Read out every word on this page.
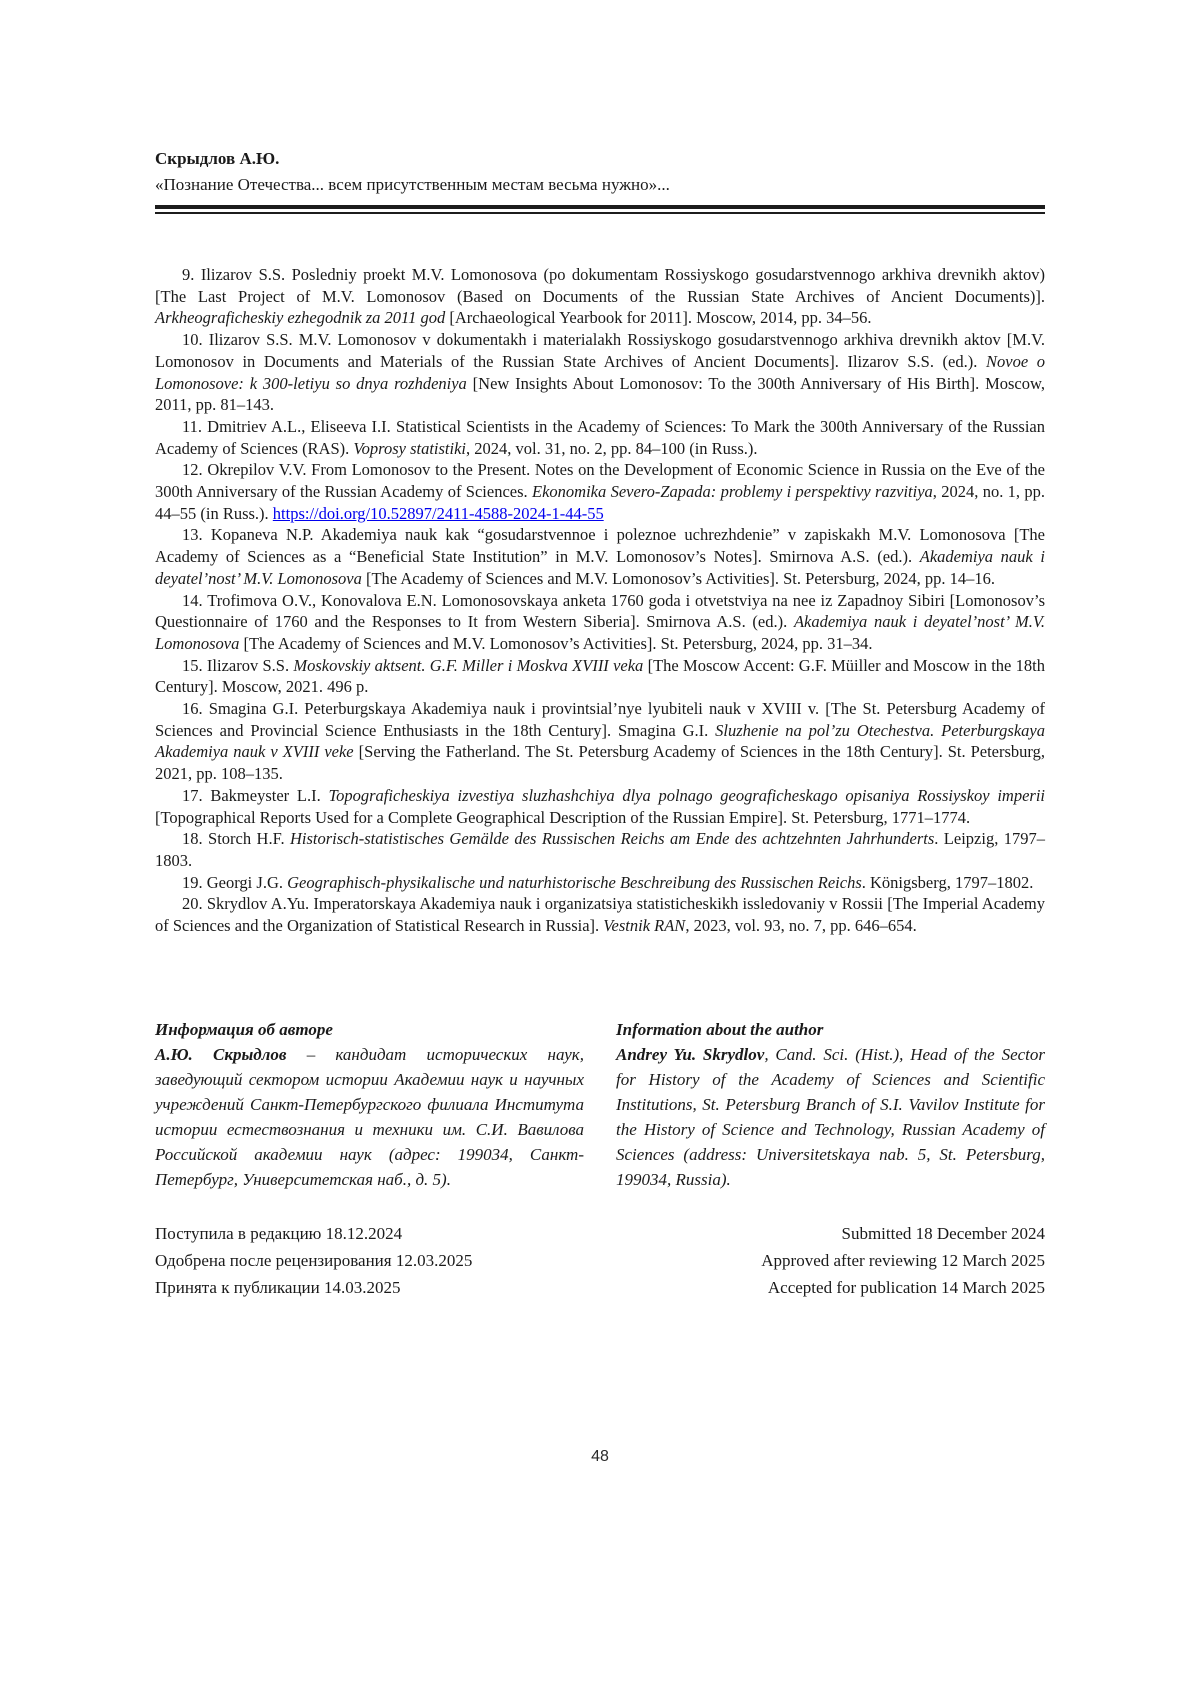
Скрыдлов А.Ю.
«Познание Отечества... всем присутственным местам весьма нужно»...

9. Ilizarov S.S. Posledniy proekt M.V. Lomonosova (po dokumentam Rossiyskogo gosudarstvennogo arkhiva drevnikh aktov) [The Last Project of M.V. Lomonosov (Based on Documents of the Russian State Archives of Ancient Documents)]. Arkheograficheskiy ezhegodnik za 2011 god [Archaeological Yearbook for 2011]. Moscow, 2014, pp. 34–56.

10. Ilizarov S.S. M.V. Lomonosov v dokumentakh i materialakh Rossiyskogo gosudarstvennogo arkhiva drevnikh aktov [M.V. Lomonosov in Documents and Materials of the Russian State Archives of Ancient Documents]. Ilizarov S.S. (ed.). Novoe o Lomonosove: k 300-letiyu so dnya rozhdeniya [New Insights About Lomonosov: To the 300th Anniversary of His Birth]. Moscow, 2011, pp. 81–143.

11. Dmitriev A.L., Eliseeva I.I. Statistical Scientists in the Academy of Sciences: To Mark the 300th Anniversary of the Russian Academy of Sciences (RAS). Voprosy statistiki, 2024, vol. 31, no. 2, pp. 84–100 (in Russ.).

12. Okrepilov V.V. From Lomonosov to the Present. Notes on the Development of Economic Science in Russia on the Eve of the 300th Anniversary of the Russian Academy of Sciences. Ekonomika Severo-Zapada: problemy i perspektivy razvitiya, 2024, no. 1, pp. 44–55 (in Russ.). https://doi.org/10.52897/2411-4588-2024-1-44-55

13. Kopaneva N.P. Akademiya nauk kak “gosudarstvennoe i poleznoe uchrezhdenie” v zapiskakh M.V. Lomonosova [The Academy of Sciences as a “Beneficial State Institution” in M.V. Lomonosov’s Notes]. Smirnova A.S. (ed.). Akademiya nauk i deyatel’nost’ M.V. Lomonosova [The Academy of Sciences and M.V. Lomonosov’s Activities]. St. Petersburg, 2024, pp. 14–16.

14. Trofimova O.V., Konovalova E.N. Lomonosovskaya anketa 1760 goda i otvetstviya na nee iz Zapadnoy Sibiri [Lomonosov’s Questionnaire of 1760 and the Responses to It from Western Siberia]. Smirnova A.S. (ed.). Akademiya nauk i deyatel’nost’ M.V. Lomonosova [The Academy of Sciences and M.V. Lomonosov’s Activities]. St. Petersburg, 2024, pp. 31–34.

15. Ilizarov S.S. Moskovskiy aktsent. G.F. Miller i Moskva XVIII veka [The Moscow Accent: G.F. Müiller and Moscow in the 18th Century]. Moscow, 2021. 496 p.

16. Smagina G.I. Peterburgskaya Akademiya nauk i provintsial’nye lyubiteli nauk v XVIII v. [The St. Petersburg Academy of Sciences and Provincial Science Enthusiasts in the 18th Century]. Smagina G.I. Sluzhenie na pol’zu Otechestva. Peterburgskaya Akademiya nauk v XVIII veke [Serving the Fatherland. The St. Petersburg Academy of Sciences in the 18th Century]. St. Petersburg, 2021, pp. 108–135.

17. Bakmeyster L.I. Topograficheskiya izvestiya sluzhashchiya dlya polnago geograficheskago opisaniya Rossiyskoy imperii [Topographical Reports Used for a Complete Geographical Description of the Russian Empire]. St. Petersburg, 1771–1774.

18. Storch H.F. Historisch-statistisches Gemälde des Russischen Reichs am Ende des achtzehnten Jahrhunderts. Leipzig, 1797–1803.

19. Georgi J.G. Geographisch-physikalische und naturhistorische Beschreibung des Russischen Reichs. Königsberg, 1797–1802.

20. Skrydlov A.Yu. Imperatorskaya Akademiya nauk i organizatsiya statisticheskikh issledovaniy v Rossii [The Imperial Academy of Sciences and the Organization of Statistical Research in Russia]. Vestnik RAN, 2023, vol. 93, no. 7, pp. 646–654.

Информация об авторе

А.Ю. Скрыдлов – кандидат исторических наук, заведующий сектором истории Академии наук и научных учреждений Санкт-Петербургского филиала Института истории естествознания и техники им. С.И. Вавилова Российской академии наук (адрес: 199034, Санкт-Петербург, Университетская наб., д. 5).

Information about the author

Andrey Yu. Skrydlov, Cand. Sci. (Hist.), Head of the Sector for History of the Academy of Sciences and Scientific Institutions, St. Petersburg Branch of S.I. Vavilov Institute for the History of Science and Technology, Russian Academy of Sciences (address: Universitetskaya nab. 5, St. Petersburg, 199034, Russia).

Поступила в редакцию 18.12.2024
Одобрена после рецензирования 12.03.2025
Принята к публикации 14.03.2025
Submitted 18 December 2024
Approved after reviewing 12 March 2025
Accepted for publication 14 March 2025
48
